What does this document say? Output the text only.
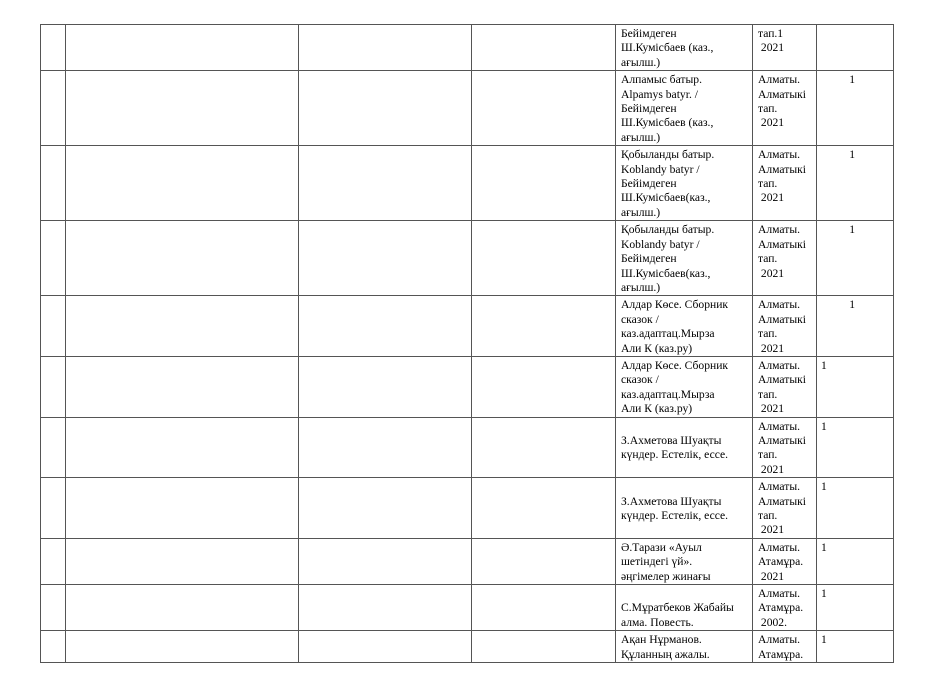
				Бейімдеген
Ш.Кумісбаев (каз.,
ағылш.)	тап.1
2021	

				Алпамыс батыр.
Alpamys batyr. /
Бейімдеген
Ш.Кумісбаев (каз.,
ағылш.)	Алматы.
Алматыкі
тап.
2021	1

				Қобыланды батыр.
Koblandy batyr /
Бейімдеген
Ш.Кумісбаев(каз.,
ағылш.)	Алматы.
Алматыкі
тап.
2021	1

				Қобыланды батыр.
Koblandy batyr /
Бейімдеген
Ш.Кумісбаев(каз.,
ағылш.)	Алматы.
Алматыкі
тап.
2021	1

				Алдар Көсе. Сборник
сказок /
каз.адаптац.Мырза
Али К (каз.ру)	Алматы.
Алматыкі
тап.
2021	1

				Алдар Көсе. Сборник
сказок /
каз.адаптац.Мырза
Али К (каз.ру)	Алматы.
Алматыкі
тап.
2021	1

				З.Ахметова Шуақты
күндер. Естелік, ессе.	Алматы.
Алматыкі
тап.
2021	1

				З.Ахметова Шуақты
күндер. Естелік, ессе.	Алматы.
Алматыкі
тап.
2021	1

				Ә.Тарази «Ауыл
шетіндегі үй».
әңгімелер жинағы	Алматы.
Атамұра.
2021	1

				С.Мұратбеков Жабайы
алма. Повесть.	Алматы.
Атамұра.
2002.	1

				Ақан Нұрманов.
Құланның ажалы.	Алматы.
Атамұра.	1
